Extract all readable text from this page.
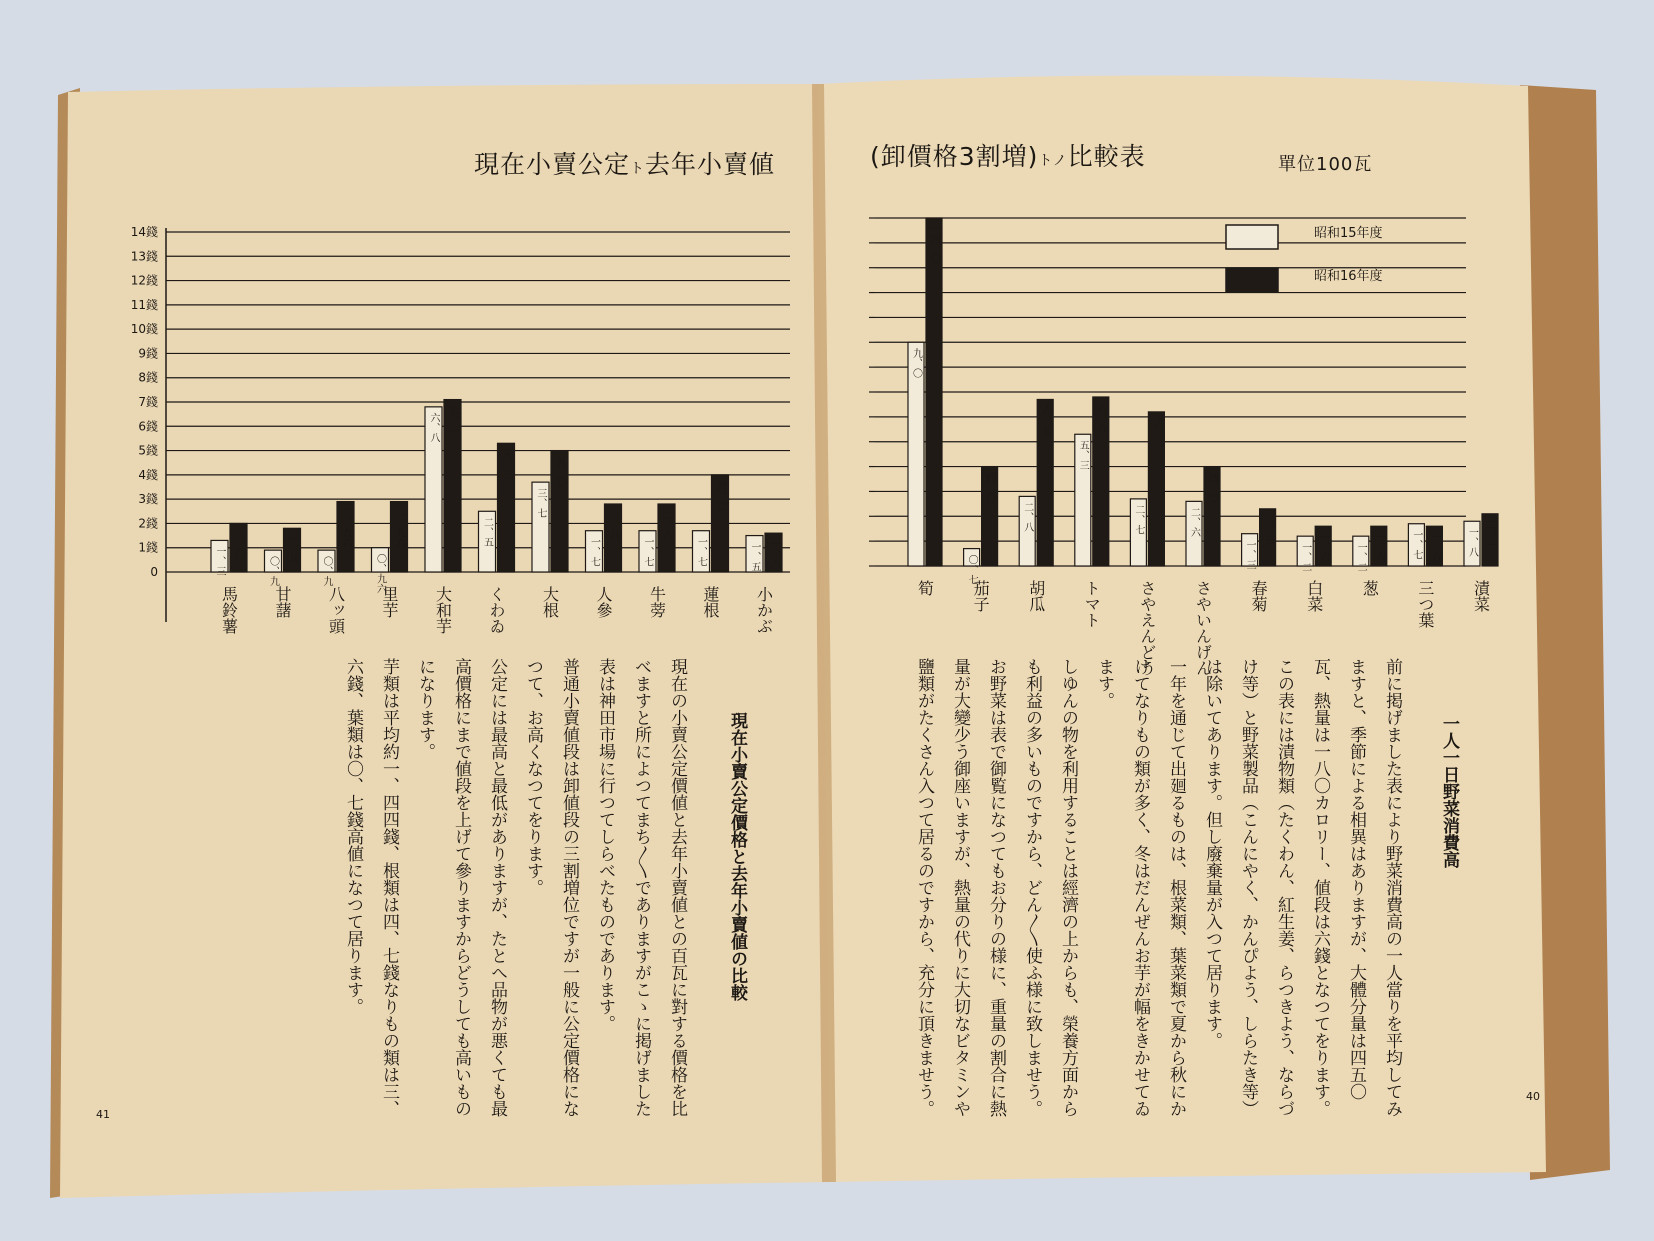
0
1錢
2錢
3錢
4錢
5錢
6錢
7錢
8錢
9錢
10錢
11錢
12錢
13錢
14錢
一、三
二、〇
馬鈴薯
〇、九
一、八
甘藷
〇、九
二、九六
八ッ頭
〇、九六
二、九六
里芋
六、八 七、一
大和芋
二、五
五、三
くわゐ
三、七
五、〇
大根
一、七
二、八
人參
一、七
二、八
牛蒡
一、七
四、〇
蓮根
一、五 一、六
小かぶ
九、〇
一四、〇
筍
〇、七
四、〇
茄子
二、八
六、七
胡瓜
五、三
六、八
トマト
二、七
六、二
さやえんどう
二、六
四、〇
さやいんげん
一、三
二、三
春菊
一、二 一、六
白菜
一、二 一、六
葱
一、七 一、六
三つ葉
一、八 二、一
漬菜
昭和15年度
昭和16年度
現在小賣公定ト去年小賣値	(卸價格3割増)トノ比較表	單位100瓦
現在小賣公定價格と去年小賣値の比較
現在の小賣公定價値と去年小賣値との百瓦に對する價格を比べますと所によつてまち〳〵でありますがこゝに掲げました表は神田市場に行つてしらべたものであります。
普通小賣値段は卸値段の三割増位ですが一般に公定價格になつて、お高くなつてをります。
公定には最高と最低がありますが、たとへ品物が悪くても最高價格にまで値段を上げて參りますからどうしても高いものになります。
芋類は平均約一、四四錢、根類は四、七錢なりもの類は三、六錢、葉類は〇、七錢高値になつて居ります。	一人一日野菜消費高
前に掲げました表により野菜消費高の一人當りを平均してみますと、季節による相異はありますが、大體分量は四五〇瓦、熱量は一八〇カロリー、値段は六錢となつてをります。
この表には漬物類（たくわん、紅生姜、らつきよう、ならづけ等）と野菜製品（こんにやく、かんぴよう、しらたき等）は除いてあります。但し廢棄量が入つて居ります。
一年を通じて出廻るものは、根菜類、葉菜類で夏から秋にかけてなりもの類が多く、冬はだんぜんお芋が幅をきかせてゐます。
しゆんの物を利用することは經濟の上からも、榮養方面からも利益の多いものですから、どん〳〵使ふ様に致しませう。
お野菜は表で御覧になつてもお分りの様に、重量の割合に熱量が大變少う御座いますが、熱量の代りに大切なビタミンや鹽類がたくさん入つて居るのですから、充分に頂きませう。
41
40
